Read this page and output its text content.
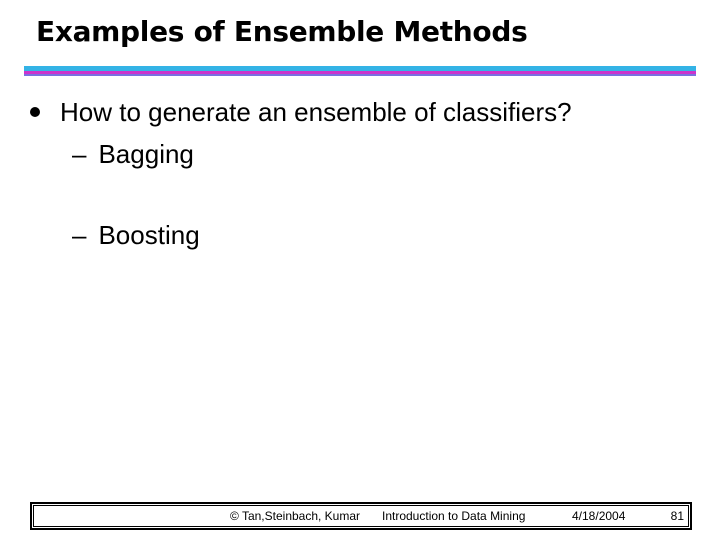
Examples of Ensemble Methods
How to generate an ensemble of classifiers?
– Bagging
– Boosting
© Tan,Steinbach, Kumar Introduction to Data Mining	4/18/2004	81
